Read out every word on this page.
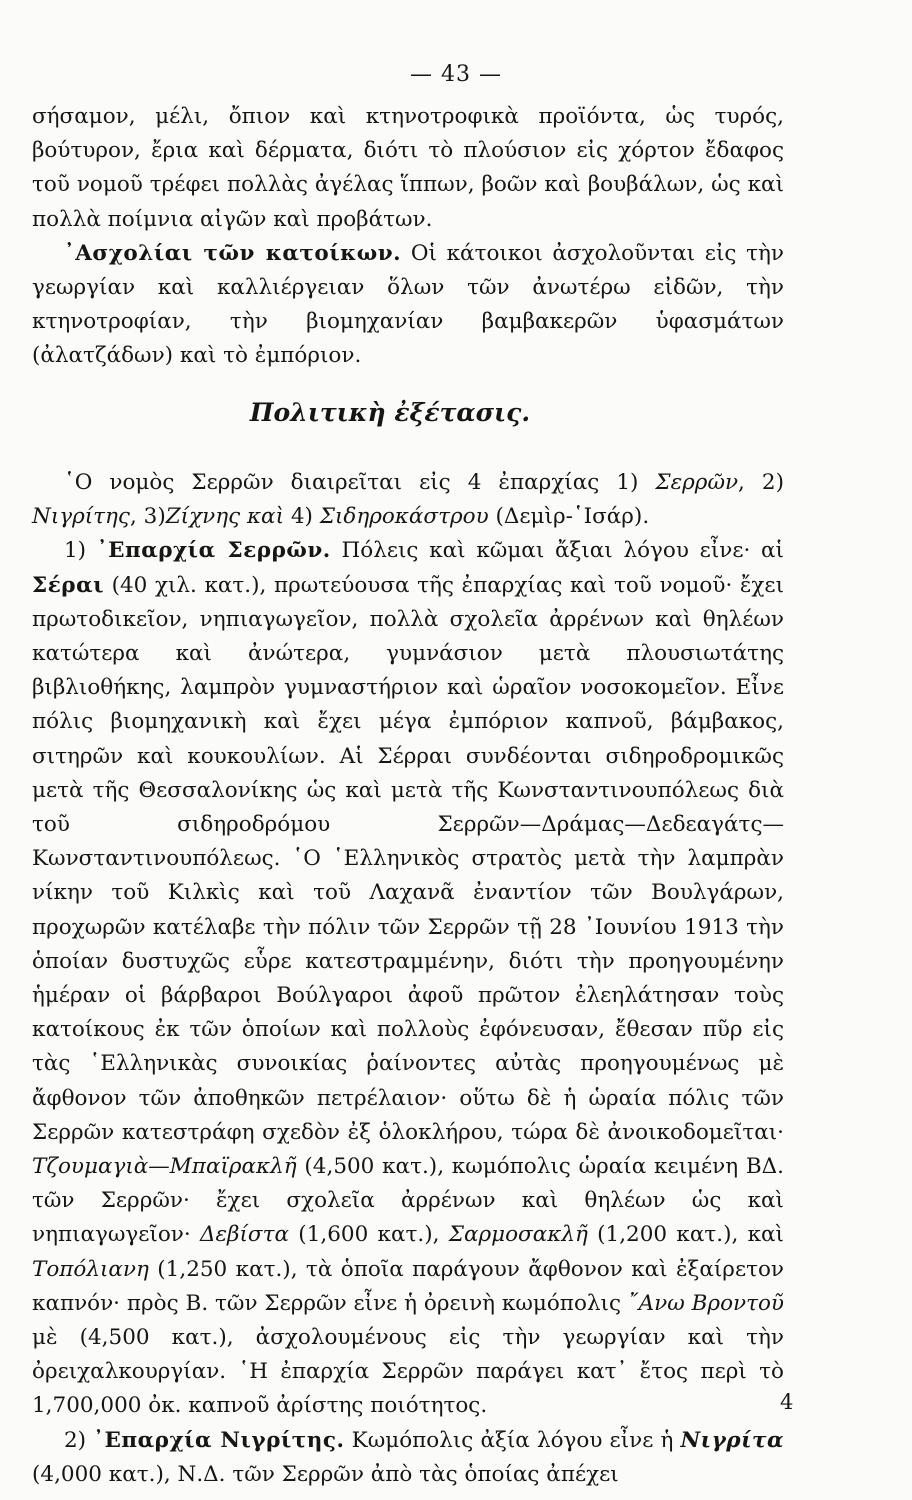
— 43 —

σήσαμον, μέλι, ὄπιον καὶ κτηνοτροφικὰ προϊόντα, ὡς τυρός, βούτυρον, ἔρια καὶ δέρματα, διότι τὸ πλούσιον εἰς χόρτον ἔδαφος τοῦ νομοῦ τρέφει πολλὰς ἀγέλας ἵππων, βοῶν καὶ βουβάλων, ὡς καὶ πολλὰ ποίμνια αἰγῶν καὶ προβάτων.

᾿Ασχολίαι τῶν κατοίκων. Οἱ κάτοικοι ἀσχολοῦνται εἰς τὴν γεωργίαν καὶ καλλιέργειαν ὅλων τῶν ἀνωτέρω εἰδῶν, τὴν κτηνοτροφίαν, τὴν βιομηχανίαν βαμβακερῶν ὑφασμάτων (ἀλατζάδων) καὶ τὸ ἐμπόριον.

Πολιτικὴ ἐξέτασις.

῾Ο νομὸς Σερρῶν διαιρεῖται εἰς 4 ἐπαρχίας 1) Σερρῶν, 2) Νιγρίτης, 3)Ζίχνης καὶ 4) Σιδηροκάστρου (Δεμὶρ-῾Ισάρ).

1) ᾿Επαρχία Σερρῶν. Πόλεις καὶ κῶμαι ἄξιαι λόγου εἶνε· αἱ Σέραι (40 χιλ. κατ.), πρωτεύουσα τῆς ἐπαρχίας καὶ τοῦ νομοῦ· ἔχει πρωτοδικεῖον, νηπιαγωγεῖον, πολλὰ σχολεῖα ἀρρένων καὶ θηλέων κατώτερα καὶ ἀνώτερα, γυμνάσιον μετὰ πλουσιωτάτης βιβλιοθήκης, λαμπρὸν γυμναστήριον καὶ ὡραῖον νοσοκομεῖον. Εἶνε πόλις βιομηχανικὴ καὶ ἔχει μέγα ἐμπόριον καπνοῦ, βάμβακος, σιτηρῶν καὶ κουκουλίων. Αἱ Σέρραι συνδέονται σιδηροδρομικῶς μετὰ τῆς Θεσσαλονίκης ὡς καὶ μετὰ τῆς Κωνσταντινουπόλεως διὰ τοῦ σιδηροδρόμου Σερρῶν—Δράμας—Δεδεαγάτς—Κωνσταντινουπόλεως. ῾Ο ῾Ελληνικὸς στρατὸς μετὰ τὴν λαμπρὰν νίκην τοῦ Κιλκὶς καὶ τοῦ Λαχανᾶ ἐναντίον τῶν Βουλγάρων, προχωρῶν κατέλαβε τὴν πόλιν τῶν Σερρῶν τῇ 28 ᾿Ιουνίου 1913 τὴν ὁποίαν δυστυχῶς εὗρε κατεστραμμένην, διότι τὴν προηγουμένην ἡμέραν οἱ βάρβαροι Βούλγαροι ἀφοῦ πρῶτον ἐλεηλάτησαν τοὺς κατοίκους ἐκ τῶν ὁποίων καὶ πολλοὺς ἐφόνευσαν, ἔθεσαν πῦρ εἰς τὰς ῾Ελληνικὰς συνοικίας ῥαίνοντες αὐτὰς προηγουμένως μὲ ἄφθονον τῶν ἀποθηκῶν πετρέλαιον· οὕτω δὲ ἡ ὡραία πόλις τῶν Σερρῶν κατεστράφη σχεδὸν ἐξ ὁλοκλήρου, τώρα δὲ ἀνοικοδομεῖται· Τζουμαγιὰ—Μπαϊρακλῆ (4,500 κατ.), κωμόπολις ὡραία κειμένη ΒΔ. τῶν Σερρῶν· ἔχει σχολεῖα ἀρρένων καὶ θηλέων ὡς καὶ νηπιαγωγεῖον· Δεβίστα (1,600 κατ.), Σαρμοσακλῆ (1,200 κατ.), καὶ Τοπόλιανη (1,250 κατ.), τὰ ὁποῖα παράγουν ἄφθονον καὶ ἐξαίρετον καπνόν· πρὸς Β. τῶν Σερρῶν εἶνε ἡ ὀρεινὴ κωμόπολις ῎Ανω Βροντοῦ μὲ (4,500 κατ.), ἀσχολουμένους εἰς τὴν γεωργίαν καὶ τὴν ὀρειχαλκουργίαν. ῾Η ἐπαρχία Σερρῶν παράγει κατ᾿ ἔτος περὶ τὸ 1,700,000 ὀκ. καπνοῦ ἀρίστης ποιότητος.

2) ᾿Επαρχία Νιγρίτης. Κωμόπολις ἀξία λόγου εἶνε ἡ Νιγρίτα (4,000 κατ.), Ν.Δ. τῶν Σερρῶν ἀπὸ τὰς ὁποίας ἀπέχει

4
